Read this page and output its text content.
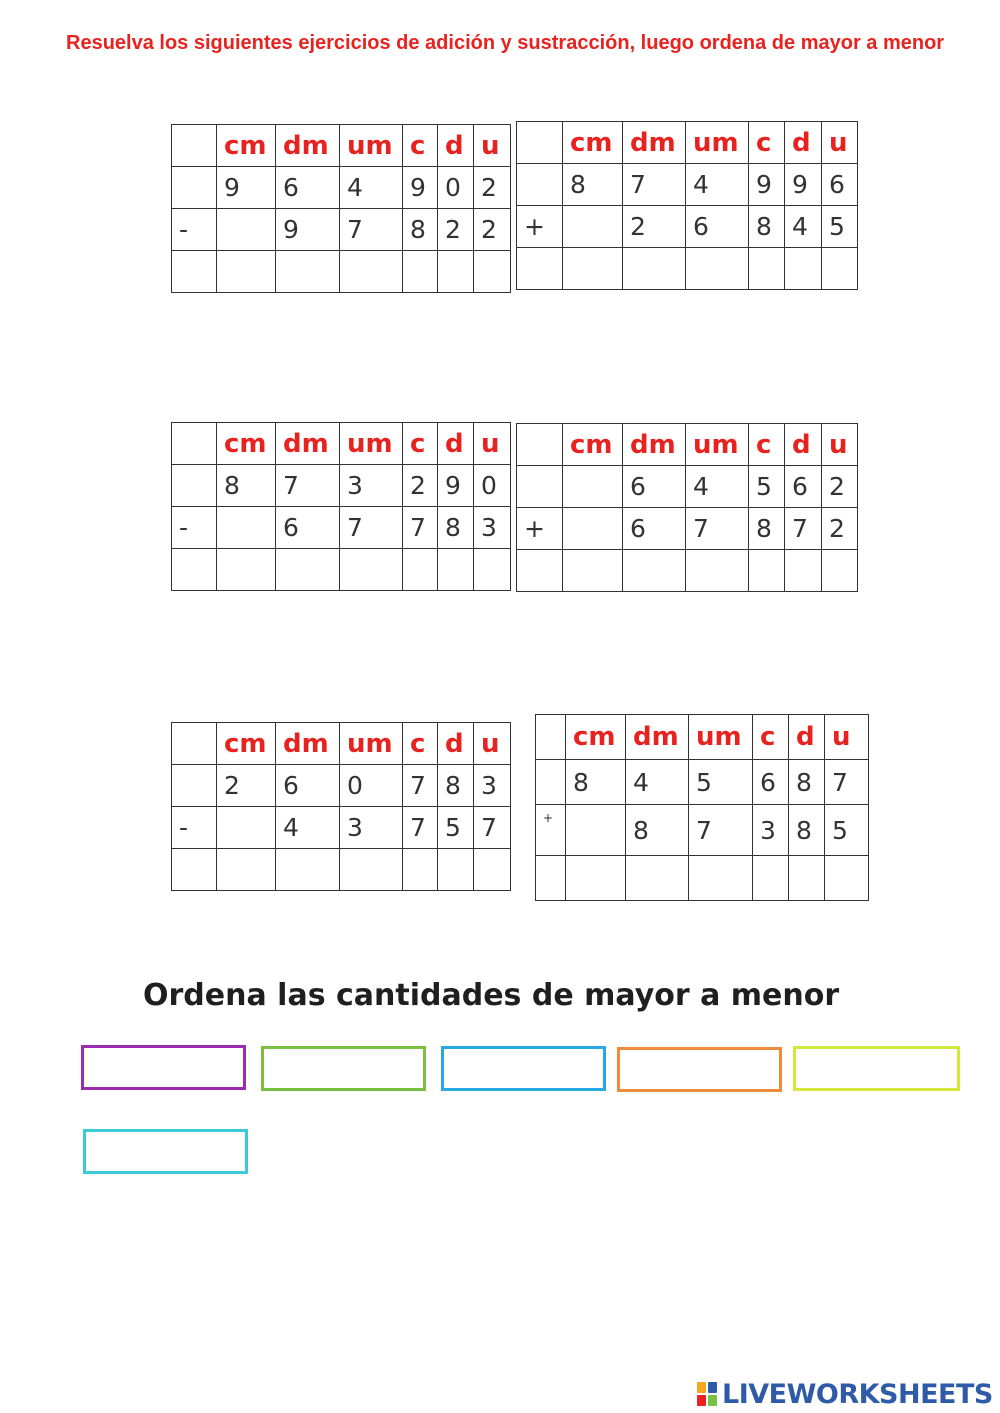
Resuelva los siguientes ejercicios de adición y sustracción, luego ordena de mayor a menor
	cm	dm	um	c	d	u
	9	6	4	9	0	2
-		9	7	8	2	2

	cm	dm	um	c	d	u
	8	7	4	9	9	6
+		2	6	8	4	5

	cm	dm	um	c	d	u
	8	7	3	2	9	0
-		6	7	7	8	3

	cm	dm	um	c	d	u
		6	4	5	6	2
+		6	7	8	7	2

	cm	dm	um	c	d	u
	2	6	0	7	8	3
-		4	3	7	5	7

	cm	dm	um	c	d	u
	8	4	5	6	8	7
+		8	7	3	8	5

Ordena las cantidades de mayor a menor
LIVEWORKSHEETS
